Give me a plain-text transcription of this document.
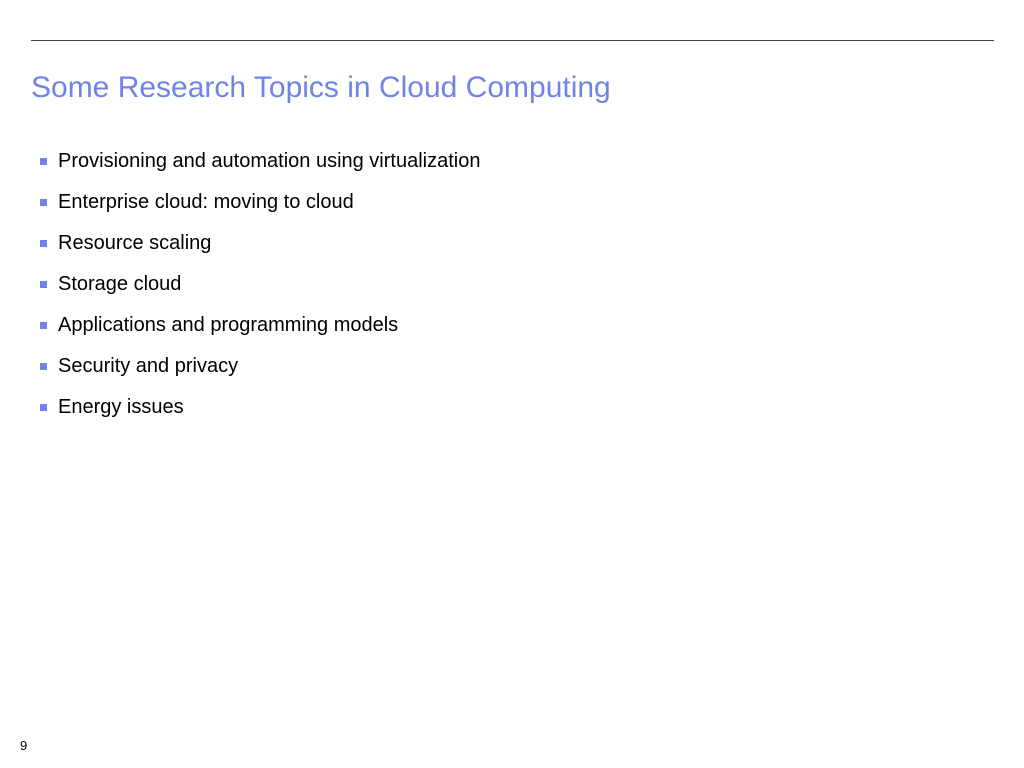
Some Research Topics in Cloud Computing
Provisioning and automation using virtualization
Enterprise cloud: moving to cloud
Resource scaling
Storage cloud
Applications and programming models
Security and privacy
Energy issues
9
